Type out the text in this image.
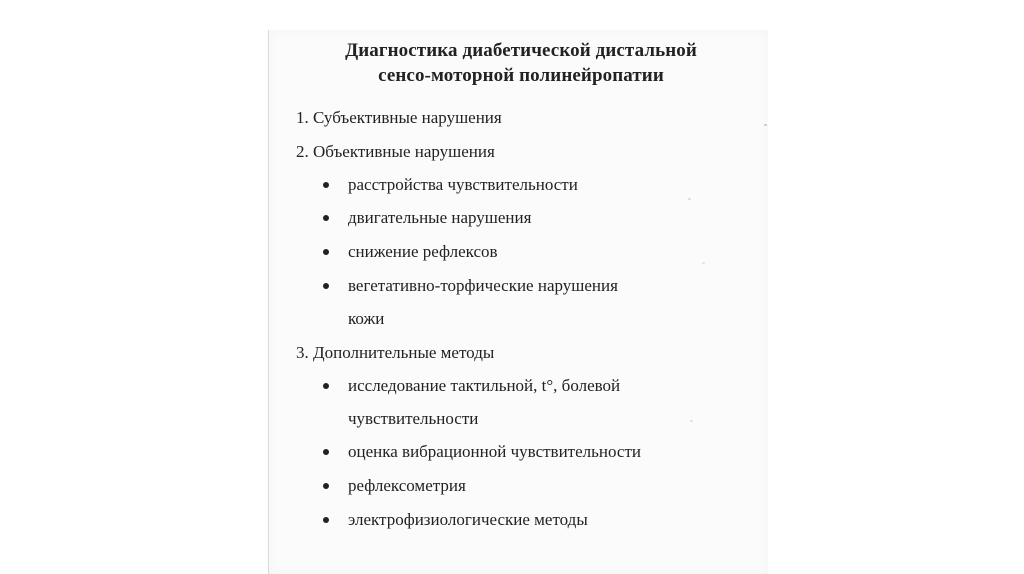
Диагностика диабетической дистальной
сенсо-моторной полинейропатии
1. Субъективные нарушения
2. Объективные нарушения
расстройства чувствительности
двигательные нарушения
снижение рефлексов
вегетативно-торфические нарушения
кожи
3. Дополнительные методы
исследование тактильной, t°, болевой
чувствительности
оценка вибрационной чувствительности
рефлексометрия
электрофизиологические методы
